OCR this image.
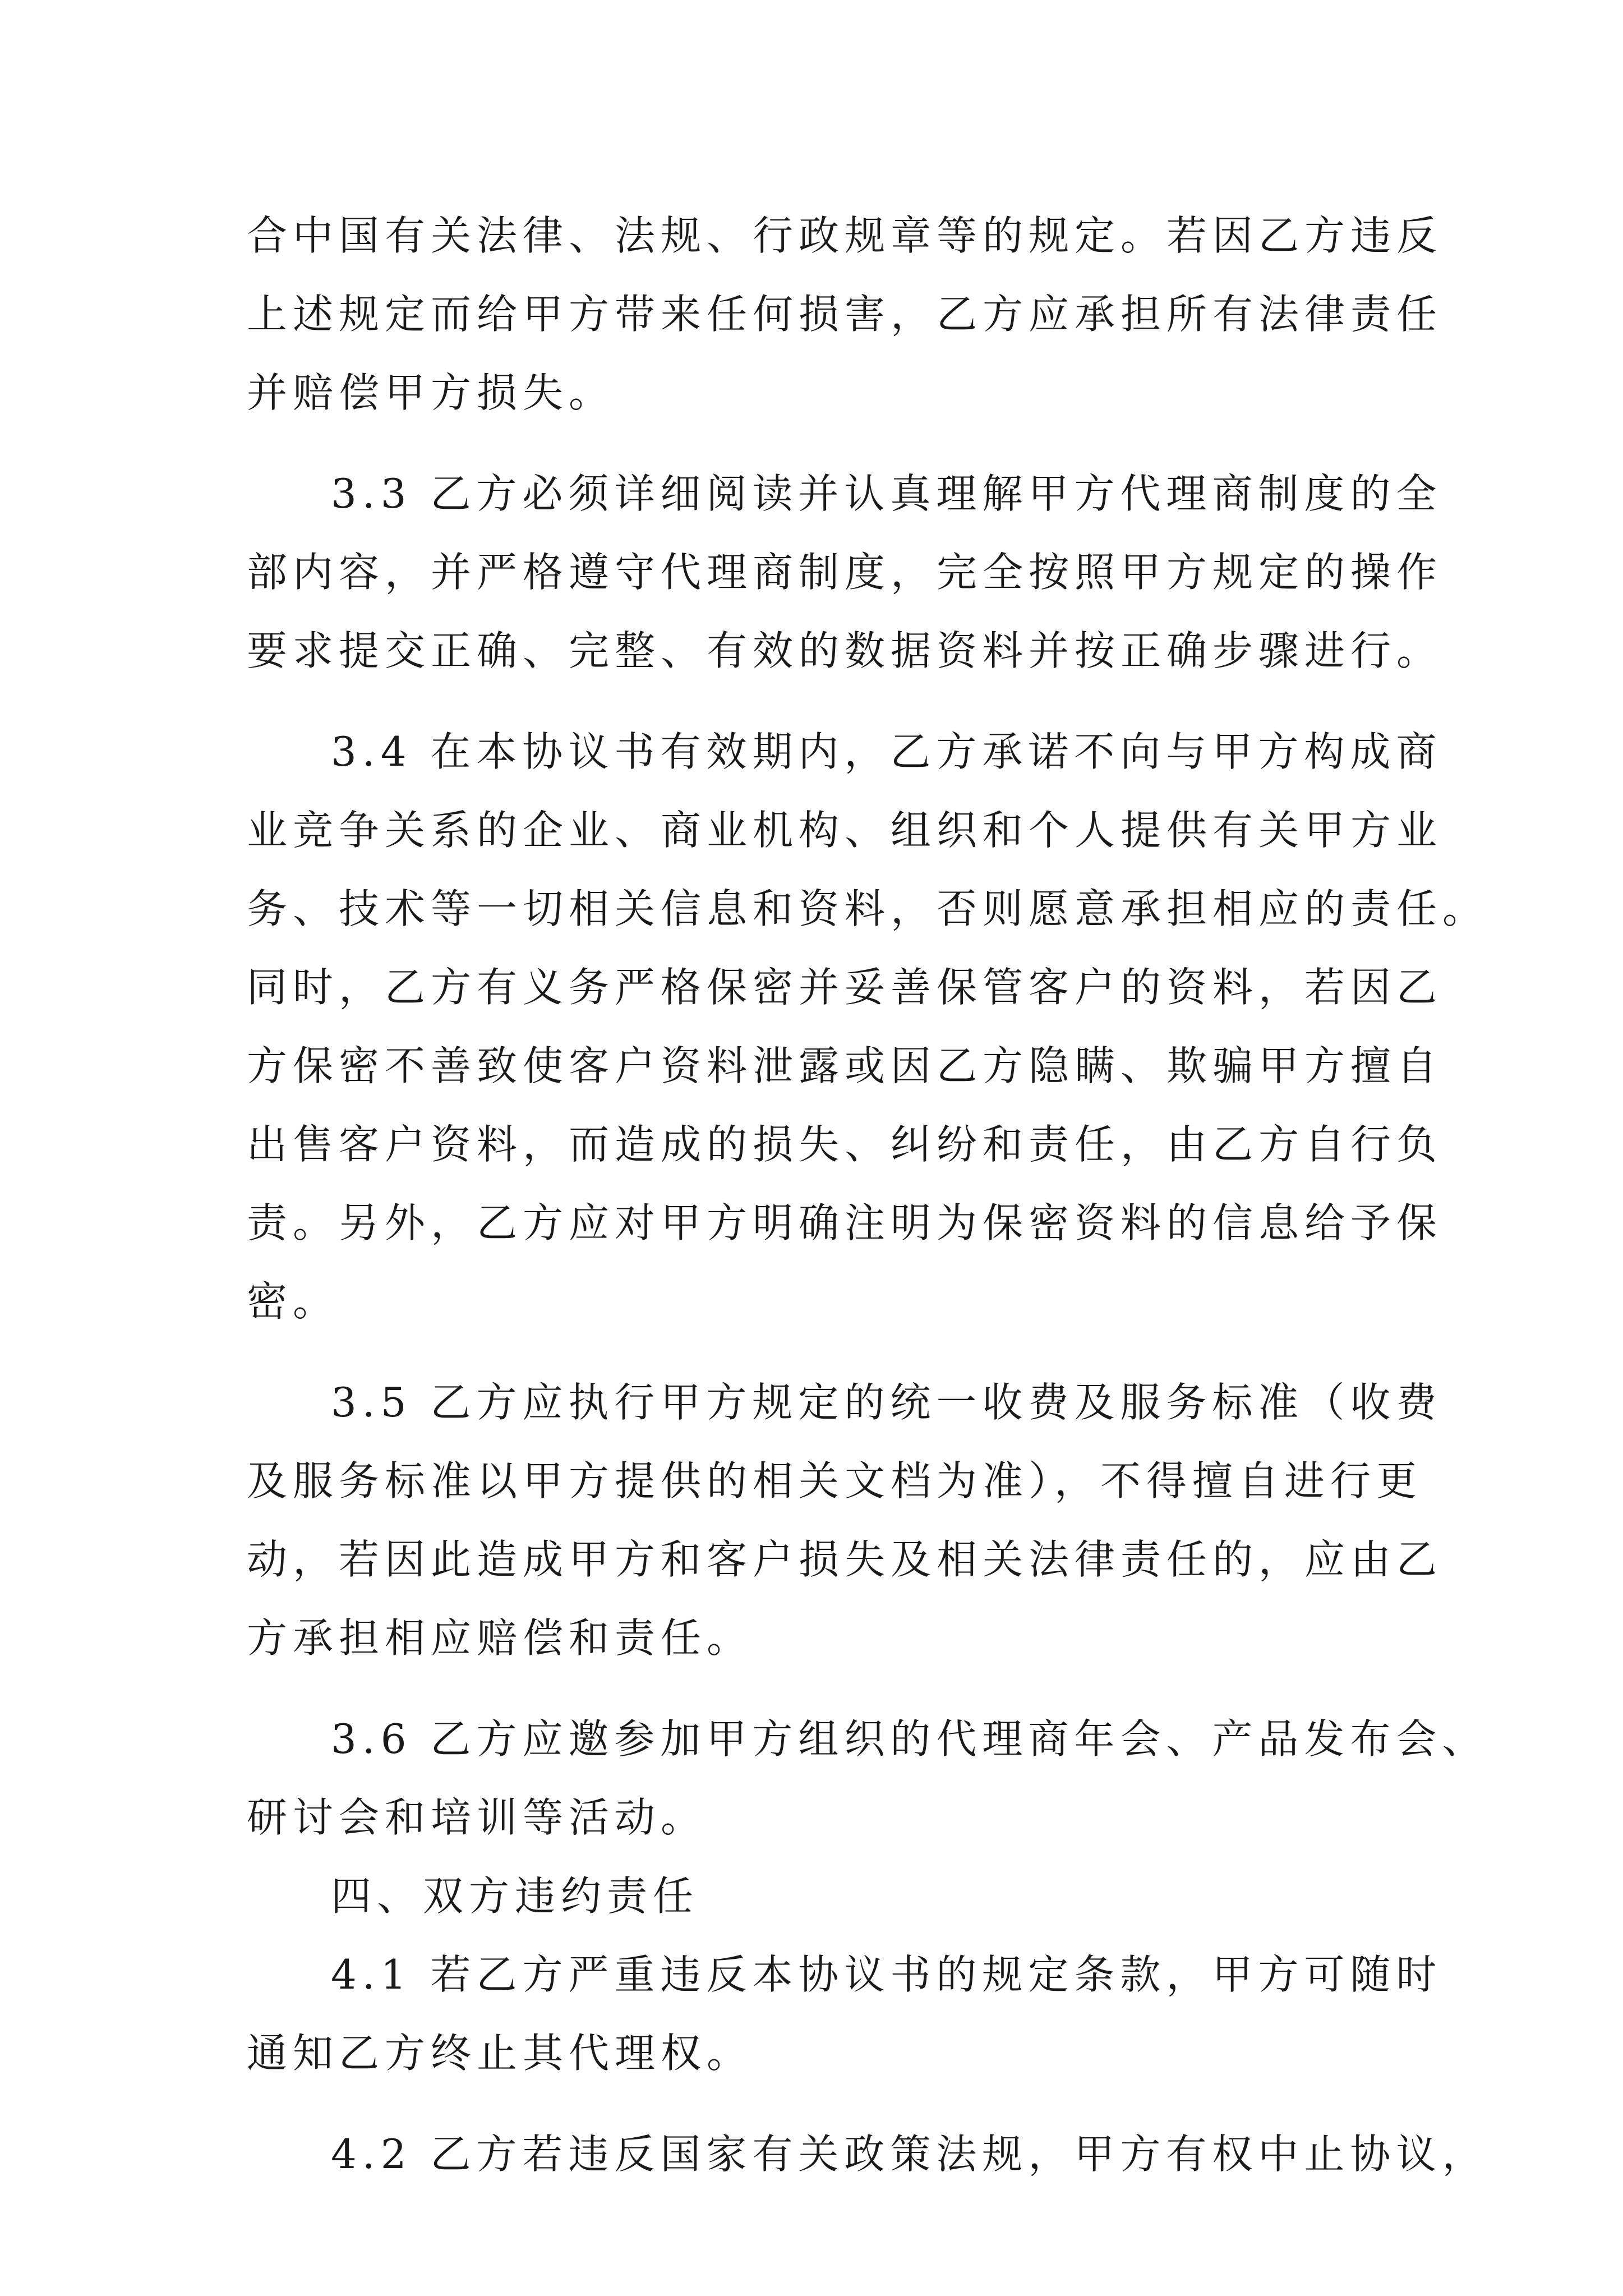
合中国有关法律、法规、行政规章等的规定。若因乙方违反
上述规定而给甲方带来任何损害，乙方应承担所有法律责任
并赔偿甲方损失。
3.3 乙方必须详细阅读并认真理解甲方代理商制度的全
部内容，并严格遵守代理商制度，完全按照甲方规定的操作
要求提交正确、完整、有效的数据资料并按正确步骤进行。
3.4 在本协议书有效期内，乙方承诺不向与甲方构成商
业竞争关系的企业、商业机构、组织和个人提供有关甲方业
务、技术等一切相关信息和资料，否则愿意承担相应的责任。
同时，乙方有义务严格保密并妥善保管客户的资料，若因乙
方保密不善致使客户资料泄露或因乙方隐瞒、欺骗甲方擅自
出售客户资料，而造成的损失、纠纷和责任，由乙方自行负
责。另外，乙方应对甲方明确注明为保密资料的信息给予保
密。
3.5 乙方应执行甲方规定的统一收费及服务标准（收费
及服务标准以甲方提供的相关文档为准），不得擅自进行更
动，若因此造成甲方和客户损失及相关法律责任的，应由乙
方承担相应赔偿和责任。
3.6 乙方应邀参加甲方组织的代理商年会、产品发布会、
研讨会和培训等活动。
四、双方违约责任
4.1 若乙方严重违反本协议书的规定条款，甲方可随时
通知乙方终止其代理权。
4.2 乙方若违反国家有关政策法规，甲方有权中止协议，
